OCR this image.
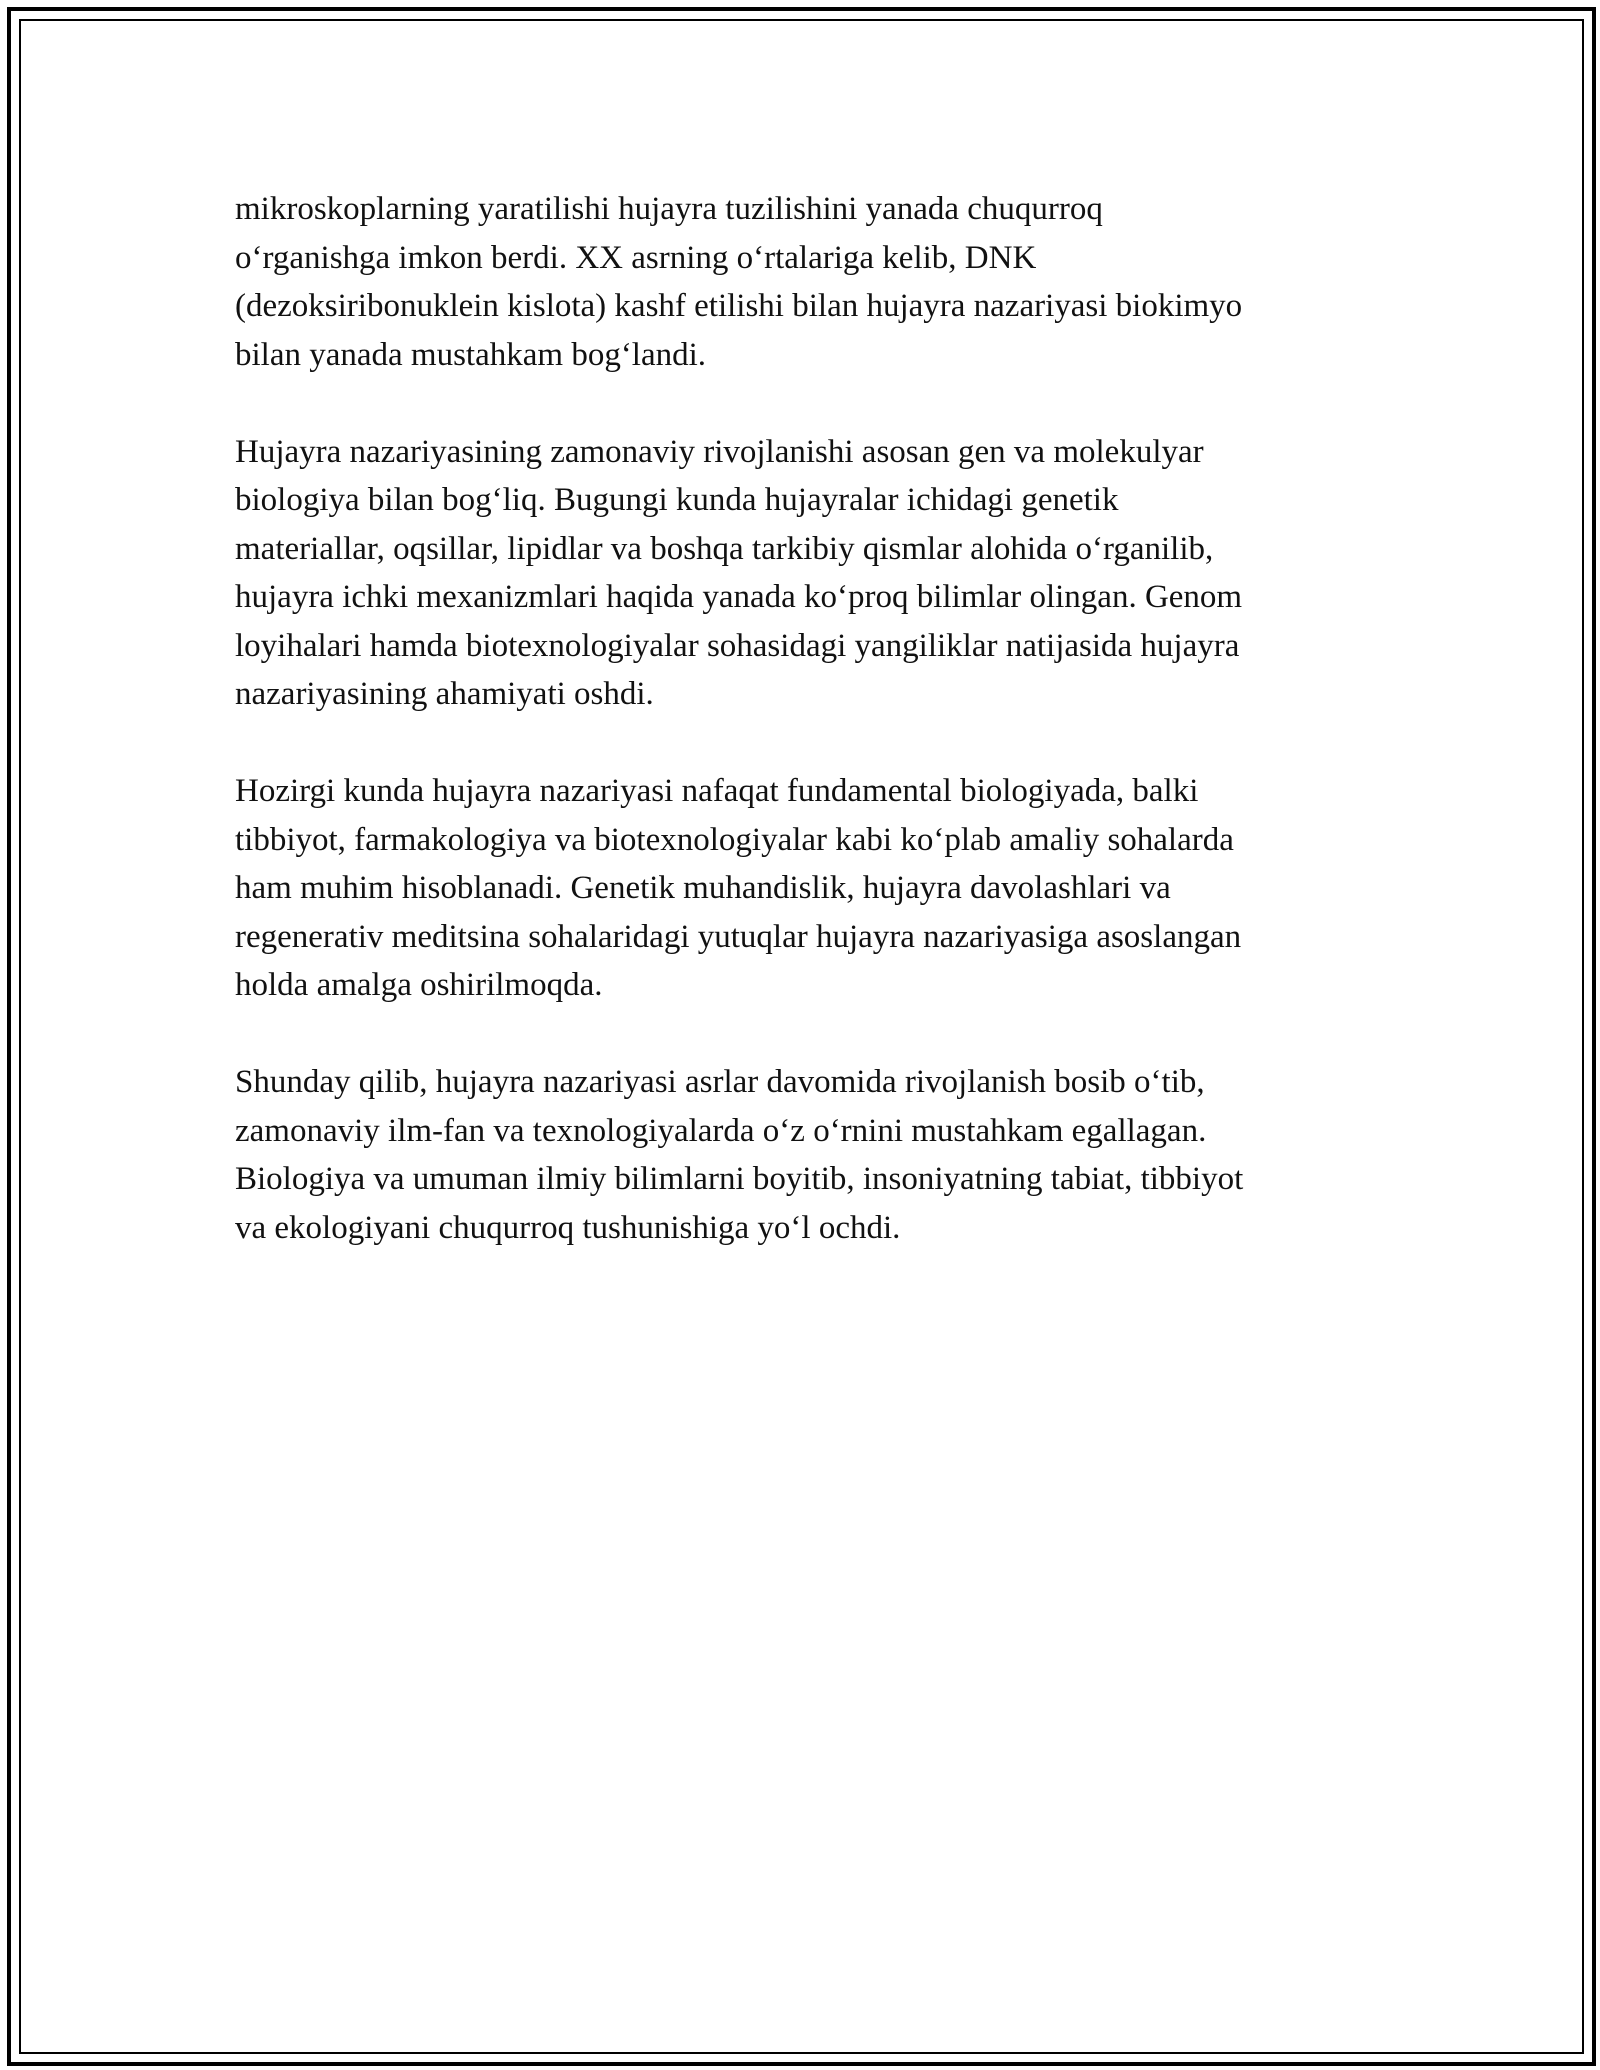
mikroskoplarning yaratilishi hujayra tuzilishini yanada chuqurroq
o‘rganishga imkon berdi. XX asrning o‘rtalariga kelib, DNK
(dezoksiribonuklein kislota) kashf etilishi bilan hujayra nazariyasi biokimyo
bilan yanada mustahkam bog‘landi.

Hujayra nazariyasining zamonaviy rivojlanishi asosan gen va molekulyar
biologiya bilan bog‘liq. Bugungi kunda hujayralar ichidagi genetik
materiallar, oqsillar, lipidlar va boshqa tarkibiy qismlar alohida o‘rganilib,
hujayra ichki mexanizmlari haqida yanada ko‘proq bilimlar olingan. Genom
loyihalari hamda biotexnologiyalar sohasidagi yangiliklar natijasida hujayra
nazariyasining ahamiyati oshdi.

Hozirgi kunda hujayra nazariyasi nafaqat fundamental biologiyada, balki
tibbiyot, farmakologiya va biotexnologiyalar kabi ko‘plab amaliy sohalarda
ham muhim hisoblanadi. Genetik muhandislik, hujayra davolashlari va
regenerativ meditsina sohalaridagi yutuqlar hujayra nazariyasiga asoslangan
holda amalga oshirilmoqda.

Shunday qilib, hujayra nazariyasi asrlar davomida rivojlanish bosib o‘tib,
zamonaviy ilm-fan va texnologiyalarda o‘z o‘rnini mustahkam egallagan.
Biologiya va umuman ilmiy bilimlarni boyitib, insoniyatning tabiat, tibbiyot
va ekologiyani chuqurroq tushunishiga yo‘l ochdi.
